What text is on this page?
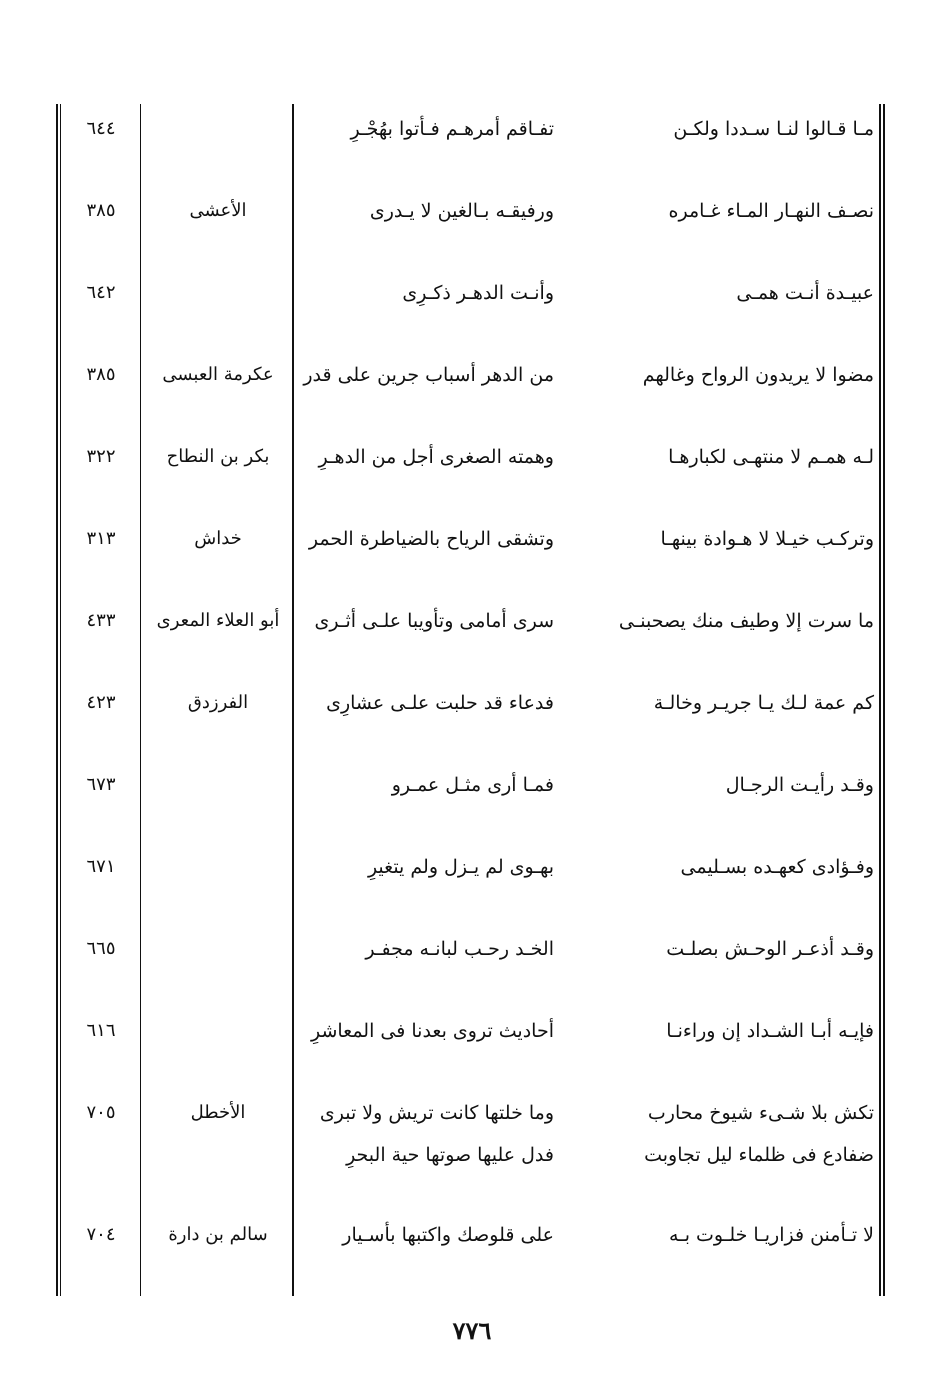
مـا قـالوا لنـا سـددا ولكـن
تفـاقم أمرهـم فـأتوا بهُجْـرِ
٦٤٤
نصـف النهـار المـاء غـامره
ورفيقـه بـالغين لا يـدرى
الأعشى
٣٨٥
عبيـدة أنـت همـى
وأنـت الدهـر ذكـرِى
٦٤٢
مضوا لا يريدون الرواح وغالهم
من الدهر أسباب جرين على قدر
عكرمة العبسى
٣٨٥
لـه همـم لا منتهـى لكبارهـا
وهمته الصغرى أجل من الدهـرِ
بكر بن النطاح
٣٢٢
وتركـب خيـلا لا هـوادة بينهـا
وتشقى الرياح بالضياطرة الحمر
خداش
٣١٣
ما سرت إلا وطيف منك يصحبنـى
سرى أمامى وتأويبا علـى أثـرى
أبو العلاء المعرى
٤٣٣
كم عمة لـك يـا جريـر وخالـة
فدعاء قد حلبت علـى عشارِى
الفرزدق
٤٢٣
وقـد رأيـت الرجـال
فمـا أرى مثـل عمـرو
٦٧٣
وفـؤادى كعهـده بسـليمى
بهـوى لم يـزل ولم يتغيرِ
٦٧١
وقـد أذعـر الوحـش بصلـت
الخـد رحـب لبانـه مجفـر
٦٦٥
فإيـه أبـا الشـداد إن وراءنـا
أحاديث تروى بعدنا فى المعاشرِ
٦١٦
تكش بلا شـىء شيوخ محارب
وما خلتها كانت تريش ولا تبرى
الأخطل
٧٠٥
ضفادع فى ظلماء ليل تجاوبت
فدل عليها صوتها حية البحرِ
لا تـأمنن فزاريـا خلـوت بـه
على قلوصك واكتبها بأسـيار
سالم بن دارة
٧٠٤
٧٧٦
